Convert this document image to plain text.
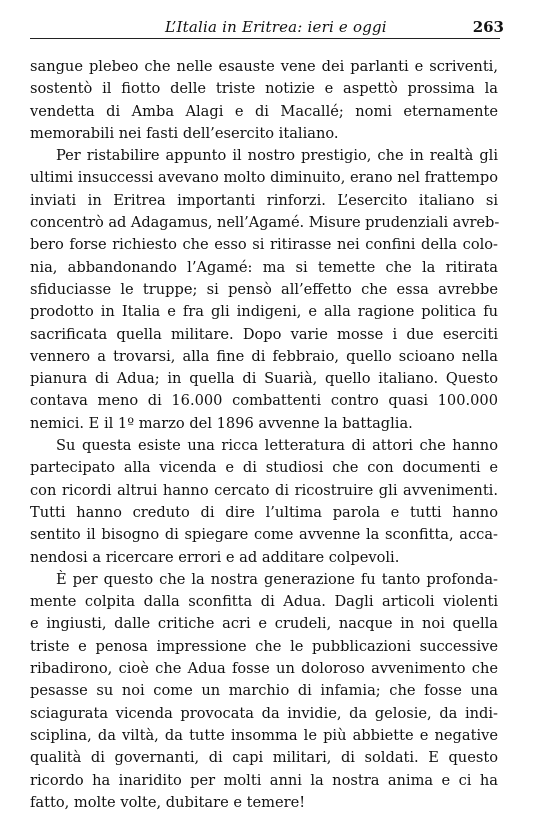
L’Italia in Eritrea: ieri e oggi	263
sangue plebeo che nelle esauste vene dei parlanti e scriventi,
sostentò il fiotto delle triste notizie e aspettò prossima la
vendetta di Amba Alagi e di Macallé; nomi eternamente
memorabili nei fasti dell’esercito italiano.
Per ristabilire appunto il nostro prestigio, che in realtà gli
ultimi insuccessi avevano molto diminuito, erano nel frattempo
inviati in Eritrea importanti rinforzi. L’esercito italiano si
concentrò ad Adagamus, nell’Agamé. Misure prudenziali avreb-
bero forse richiesto che esso si ritirasse nei confini della colo-
nia, abbandonando l’Agamé: ma si temette che la ritirata
sfiduciasse le truppe; si pensò all’effetto che essa avrebbe
prodotto in Italia e fra gli indigeni, e alla ragione politica fu
sacrificata quella militare. Dopo varie mosse i due eserciti
vennero a trovarsi, alla fine di febbraio, quello scioano nella
pianura di Adua; in quella di Suarià, quello italiano. Questo
contava meno di 16.000 combattenti contro quasi 100.000
nemici. E il 1º marzo del 1896 avvenne la battaglia.
Su questa esiste una ricca letteratura di attori che hanno
partecipato alla vicenda e di studiosi che con documenti e
con ricordi altrui hanno cercato di ricostruire gli avvenimenti.
Tutti hanno creduto di dire l’ultima parola e tutti hanno
sentito il bisogno di spiegare come avvenne la sconfitta, acca-
nendosi a ricercare errori e ad additare colpevoli.
È per questo che la nostra generazione fu tanto profonda-
mente colpita dalla sconfitta di Adua. Dagli articoli violenti
e ingiusti, dalle critiche acri e crudeli, nacque in noi quella
triste e penosa impressione che le pubblicazioni successive
ribadirono, cioè che Adua fosse un doloroso avvenimento che
pesasse su noi come un marchio di infamia; che fosse una
sciagurata vicenda provocata da invidie, da gelosie, da indi-
sciplina, da viltà, da tutte insomma le più abbiette e negative
qualità di governanti, di capi militari, di soldati. E questo
ricordo ha inaridito per molti anni la nostra anima e ci ha
fatto, molte volte, dubitare e temere!
